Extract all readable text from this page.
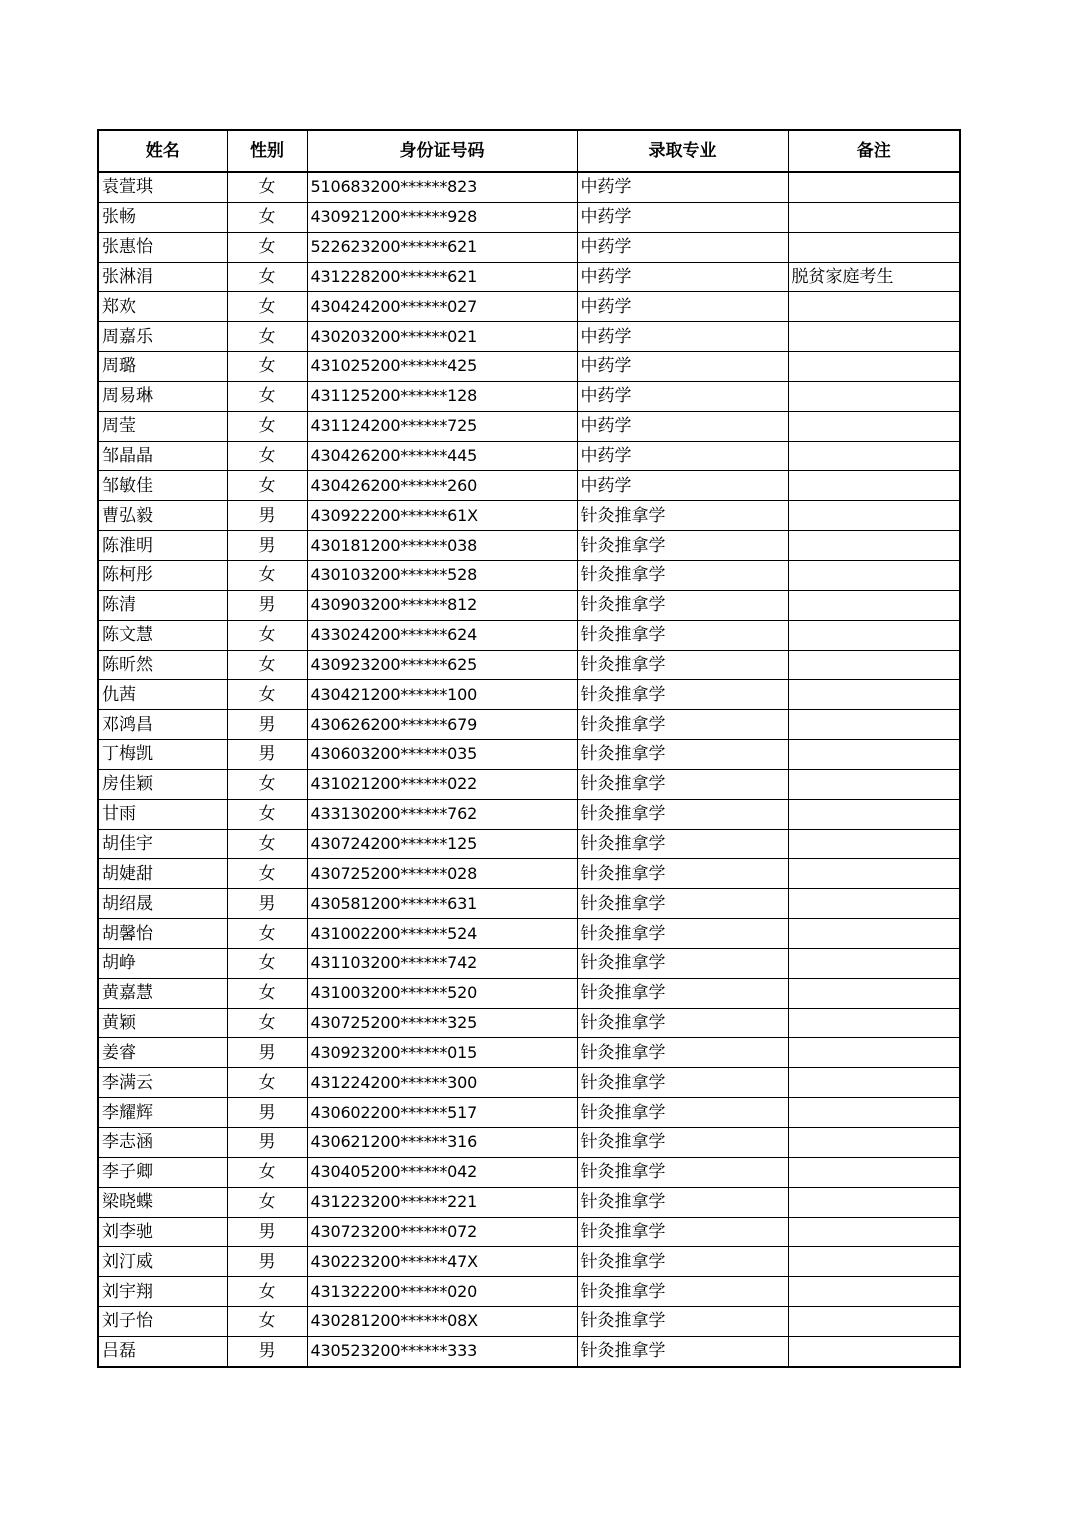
姓名	性别	身份证号码	录取专业	备注
袁萱琪	女	510683200******823	中药学	
张畅	女	430921200******928	中药学	
张惠怡	女	522623200******621	中药学	
张淋涓	女	431228200******621	中药学	脱贫家庭考生
郑欢	女	430424200******027	中药学	
周嘉乐	女	430203200******021	中药学	
周璐	女	431025200******425	中药学	
周易琳	女	431125200******128	中药学	
周莹	女	431124200******725	中药学	
邹晶晶	女	430426200******445	中药学	
邹敏佳	女	430426200******260	中药学	
曹弘毅	男	430922200******61X	针灸推拿学	
陈淮明	男	430181200******038	针灸推拿学	
陈柯彤	女	430103200******528	针灸推拿学	
陈清	男	430903200******812	针灸推拿学	
陈文慧	女	433024200******624	针灸推拿学	
陈昕然	女	430923200******625	针灸推拿学	
仇茜	女	430421200******100	针灸推拿学	
邓鸿昌	男	430626200******679	针灸推拿学	
丁梅凯	男	430603200******035	针灸推拿学	
房佳颖	女	431021200******022	针灸推拿学	
甘雨	女	433130200******762	针灸推拿学	
胡佳宇	女	430724200******125	针灸推拿学	
胡婕甜	女	430725200******028	针灸推拿学	
胡绍晟	男	430581200******631	针灸推拿学	
胡馨怡	女	431002200******524	针灸推拿学	
胡峥	女	431103200******742	针灸推拿学	
黄嘉慧	女	431003200******520	针灸推拿学	
黄颖	女	430725200******325	针灸推拿学	
姜睿	男	430923200******015	针灸推拿学	
李满云	女	431224200******300	针灸推拿学	
李耀辉	男	430602200******517	针灸推拿学	
李志涵	男	430621200******316	针灸推拿学	
李子卿	女	430405200******042	针灸推拿学	
梁晓蝶	女	431223200******221	针灸推拿学	
刘李驰	男	430723200******072	针灸推拿学	
刘汀威	男	430223200******47X	针灸推拿学	
刘宇翔	女	431322200******020	针灸推拿学	
刘子怡	女	430281200******08X	针灸推拿学	
吕磊	男	430523200******333	针灸推拿学	
